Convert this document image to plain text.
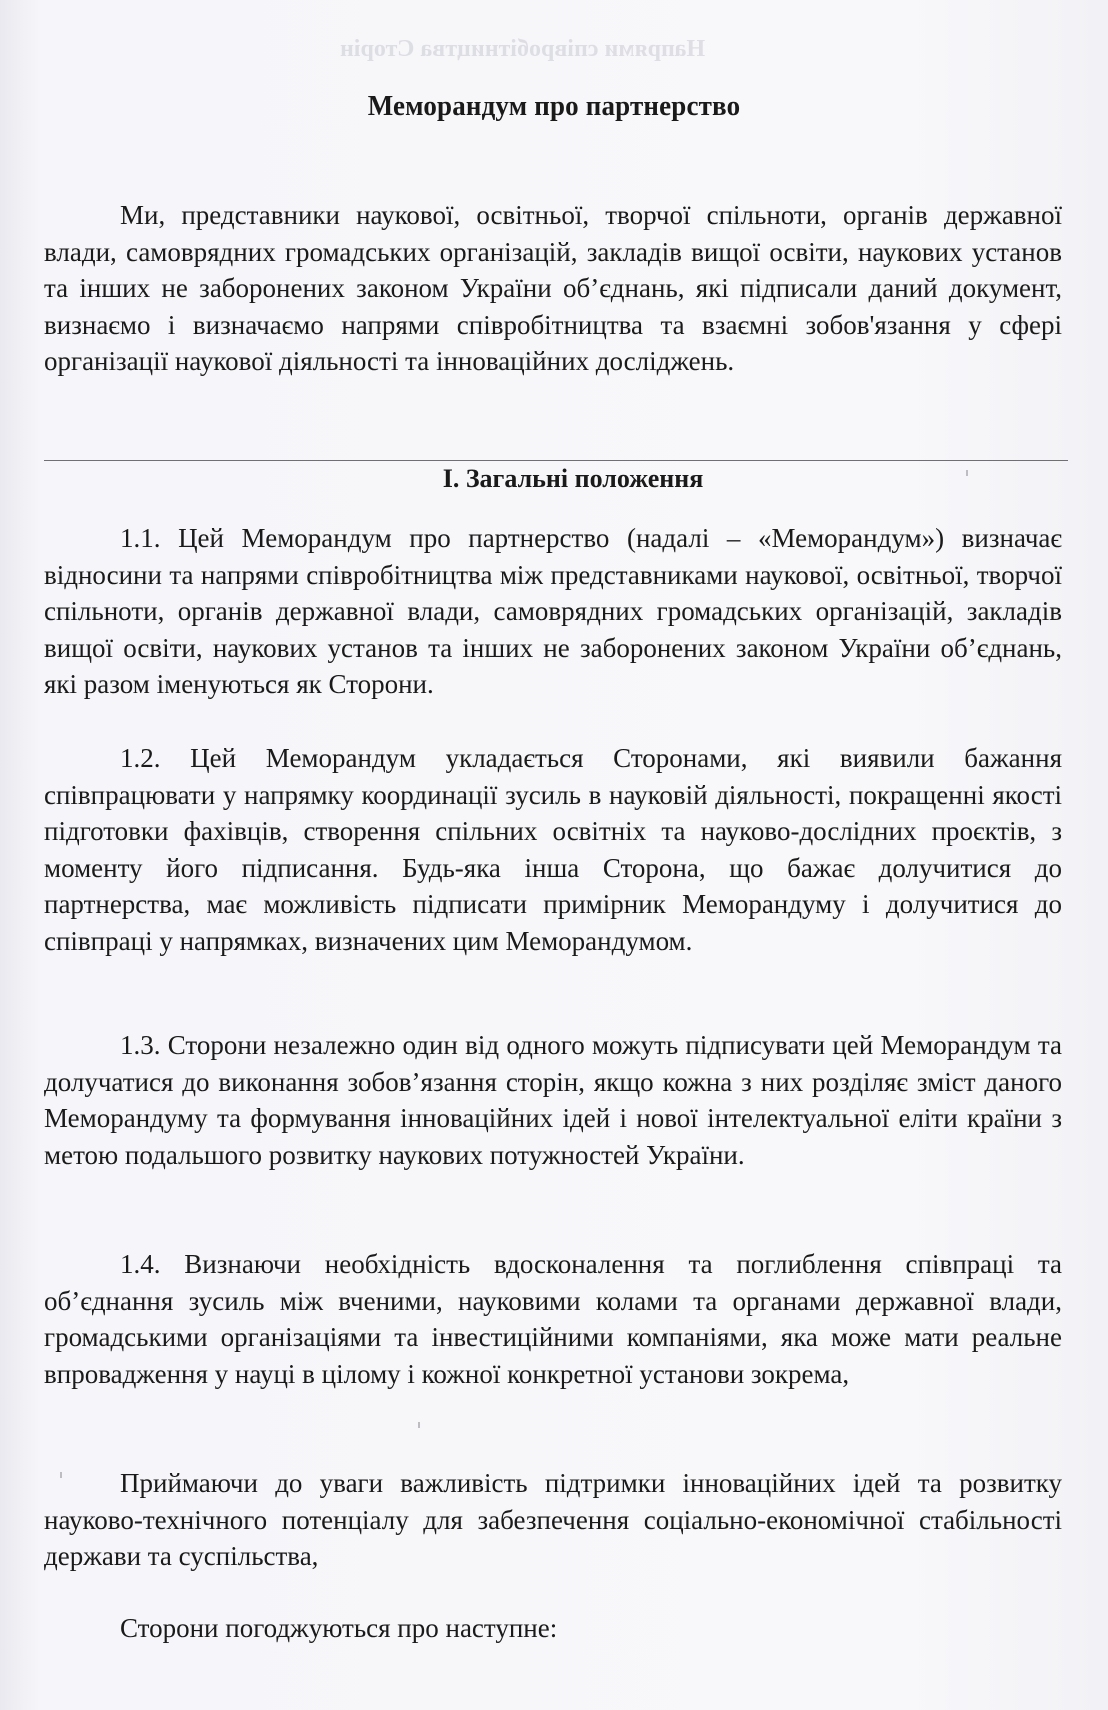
Напрями співробітництва Сторін
Меморандум про партнерство
Ми, представники наукової, освітньої, творчої спільноти, органів державної влади, самоврядних громадських організацій, закладів вищої освіти, наукових установ та інших не заборонених законом України об’єднань, які підписали даний документ, визнаємо і визначаємо напрями співробітництва та взаємні зобов'язання у сфері організації наукової діяльності та інноваційних досліджень.
І. Загальні положення
1.1. Цей Меморандум про партнерство (надалі – «Меморандум») визначає відносини та напрями співробітництва між представниками наукової, освітньої, творчої спільноти, органів державної влади, самоврядних громадських організацій, закладів вищої освіти, наукових установ та інших не заборонених законом України об’єднань, які разом іменуються як Сторони.
1.2. Цей Меморандум укладається Сторонами, які виявили бажання співпрацювати у напрямку координації зусиль в науковій діяльності, покращенні якості підготовки фахівців, створення спільних освітніх та науково-дослідних проєктів, з моменту його підписання. Будь-яка інша Сторона, що бажає долучитися до партнерства, має можливість підписати примірник Меморандуму і долучитися до співпраці у напрямках, визначених цим Меморандумом.
1.3. Сторони незалежно один від одного можуть підписувати цей Меморандум та долучатися до виконання зобов’язання сторін, якщо кожна з них розділяє зміст даного Меморандуму та формування інноваційних ідей і нової інтелектуальної еліти країни з метою подальшого розвитку наукових потужностей України.
1.4. Визнаючи необхідність вдосконалення та поглиблення співпраці та об’єднання зусиль між вченими, науковими колами та органами державної влади, громадськими організаціями та інвестиційними компаніями, яка може мати реальне впровадження у науці в цілому і кожної конкретної установи зокрема,
Приймаючи до уваги важливість підтримки інноваційних ідей та розвитку науково-технічного потенціалу для забезпечення соціально-економічної стабільності держави та суспільства,
Сторони погоджуються про наступне:
